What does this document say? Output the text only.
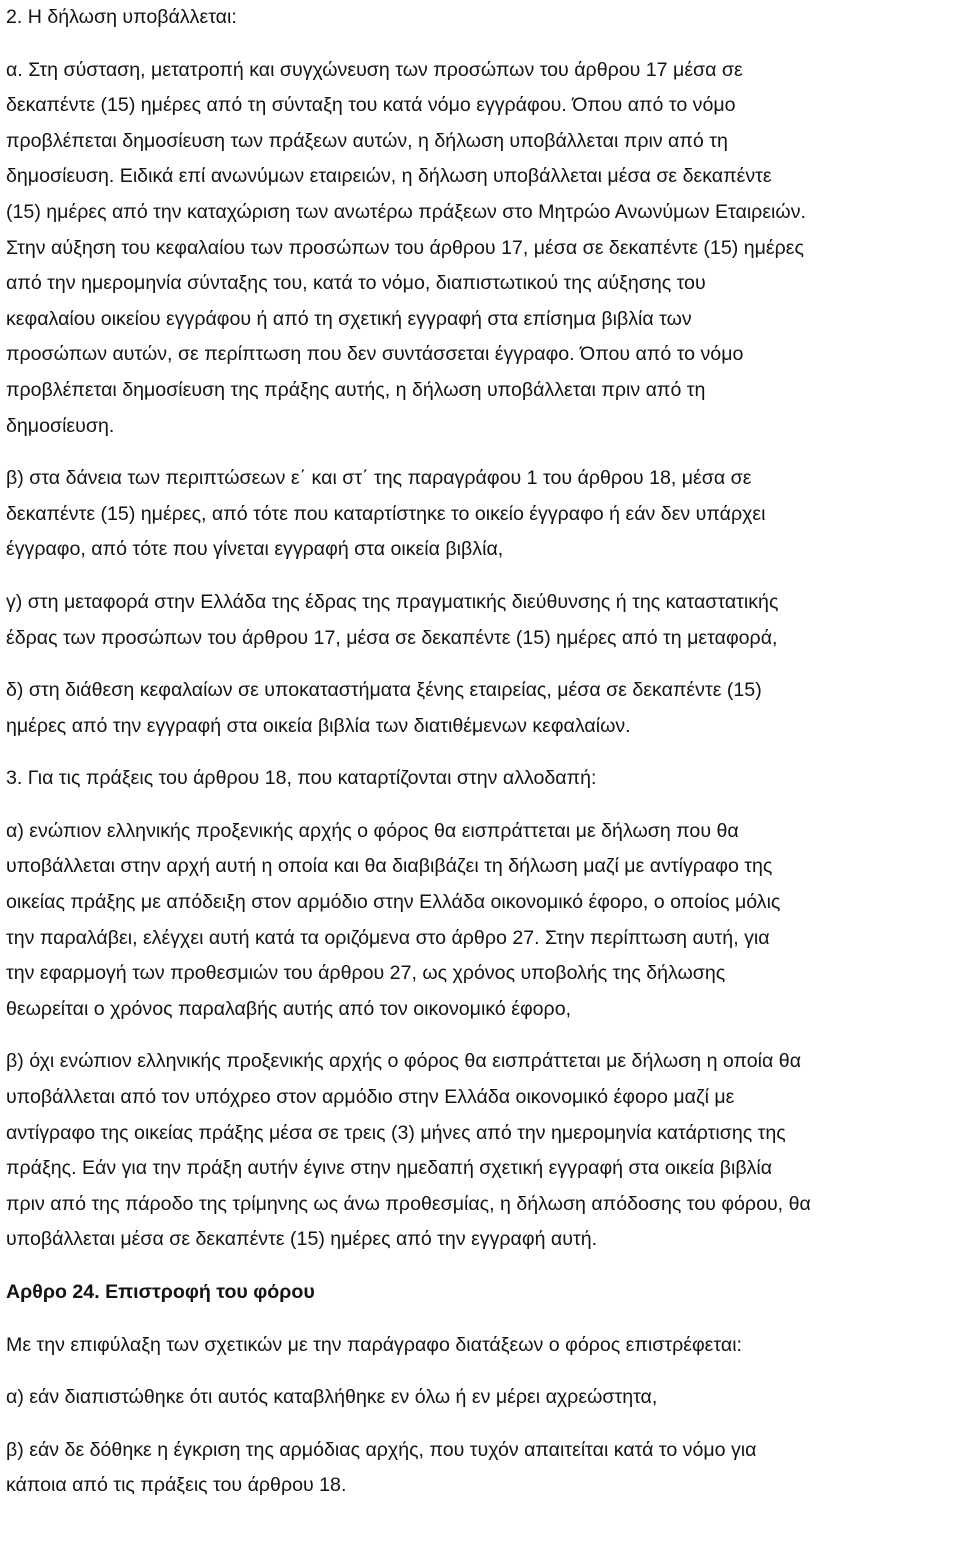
2. Η δήλωση υποβάλλεται:

α. Στη σύσταση, μετατροπή και συγχώνευση των προσώπων του άρθρου 17 μέσα σε
δεκαπέντε (15) ημέρες από τη σύνταξη του κατά νόμο εγγράφου. Όπου από το νόμο
προβλέπεται δημοσίευση των πράξεων αυτών, η δήλωση υποβάλλεται πριν από τη
δημοσίευση. Ειδικά επί ανωνύμων εταιρειών, η δήλωση υποβάλλεται μέσα σε δεκαπέντε
(15) ημέρες από την καταχώριση των ανωτέρω πράξεων στο Μητρώο Ανωνύμων Εταιρειών.
Στην αύξηση του κεφαλαίου των προσώπων του άρθρου 17, μέσα σε δεκαπέντε (15) ημέρες
από την ημερομηνία σύνταξης του, κατά το νόμο, διαπιστωτικού της αύξησης του
κεφαλαίου οικείου εγγράφου ή από τη σχετική εγγραφή στα επίσημα βιβλία των
προσώπων αυτών, σε περίπτωση που δεν συντάσσεται έγγραφο. Όπου από το νόμο
προβλέπεται δημοσίευση της πράξης αυτής, η δήλωση υποβάλλεται πριν από τη
δημοσίευση.

β) στα δάνεια των περιπτώσεων ε΄ και στ΄ της παραγράφου 1 του άρθρου 18, μέσα σε
δεκαπέντε (15) ημέρες, από τότε που καταρτίστηκε το οικείο έγγραφο ή εάν δεν υπάρχει
έγγραφο, από τότε που γίνεται εγγραφή στα οικεία βιβλία,

γ) στη μεταφορά στην Ελλάδα της έδρας της πραγματικής διεύθυνσης ή της καταστατικής
έδρας των προσώπων του άρθρου 17, μέσα σε δεκαπέντε (15) ημέρες από τη μεταφορά,

δ) στη διάθεση κεφαλαίων σε υποκαταστήματα ξένης εταιρείας, μέσα σε δεκαπέντε (15)
ημέρες από την εγγραφή στα οικεία βιβλία των διατιθέμενων κεφαλαίων.

3. Για τις πράξεις του άρθρου 18, που καταρτίζονται στην αλλοδαπή:

α) ενώπιον ελληνικής προξενικής αρχής ο φόρος θα εισπράττεται με δήλωση που θα
υποβάλλεται στην αρχή αυτή η οποία και θα διαβιβάζει τη δήλωση μαζί με αντίγραφο της
οικείας πράξης με απόδειξη στον αρμόδιο στην Ελλάδα οικονομικό έφορο, ο οποίος μόλις
την παραλάβει, ελέγχει αυτή κατά τα οριζόμενα στο άρθρο 27. Στην περίπτωση αυτή, για
την εφαρμογή των προθεσμιών του άρθρου 27, ως χρόνος υποβολής της δήλωσης
θεωρείται ο χρόνος παραλαβής αυτής από τον οικονομικό έφορο,

β) όχι ενώπιον ελληνικής προξενικής αρχής ο φόρος θα εισπράττεται με δήλωση η οποία θα
υποβάλλεται από τον υπόχρεο στον αρμόδιο στην Ελλάδα οικονομικό έφορο μαζί με
αντίγραφο της οικείας πράξης μέσα σε τρεις (3) μήνες από την ημερομηνία κατάρτισης της
πράξης. Εάν για την πράξη αυτήν έγινε στην ημεδαπή σχετική εγγραφή στα οικεία βιβλία
πριν από της πάροδο της τρίμηνης ως άνω προθεσμίας, η δήλωση απόδοσης του φόρου, θα
υποβάλλεται μέσα σε δεκαπέντε (15) ημέρες από την εγγραφή αυτή.

Αρθρο 24. Επιστροφή του φόρου

Με την επιφύλαξη των σχετικών με την παράγραφο διατάξεων ο φόρος επιστρέφεται:

α) εάν διαπιστώθηκε ότι αυτός καταβλήθηκε εν όλω ή εν μέρει αχρεώστητα,

β) εάν δε δόθηκε η έγκριση της αρμόδιας αρχής, που τυχόν απαιτείται κατά το νόμο για
κάποια από τις πράξεις του άρθρου 18.
